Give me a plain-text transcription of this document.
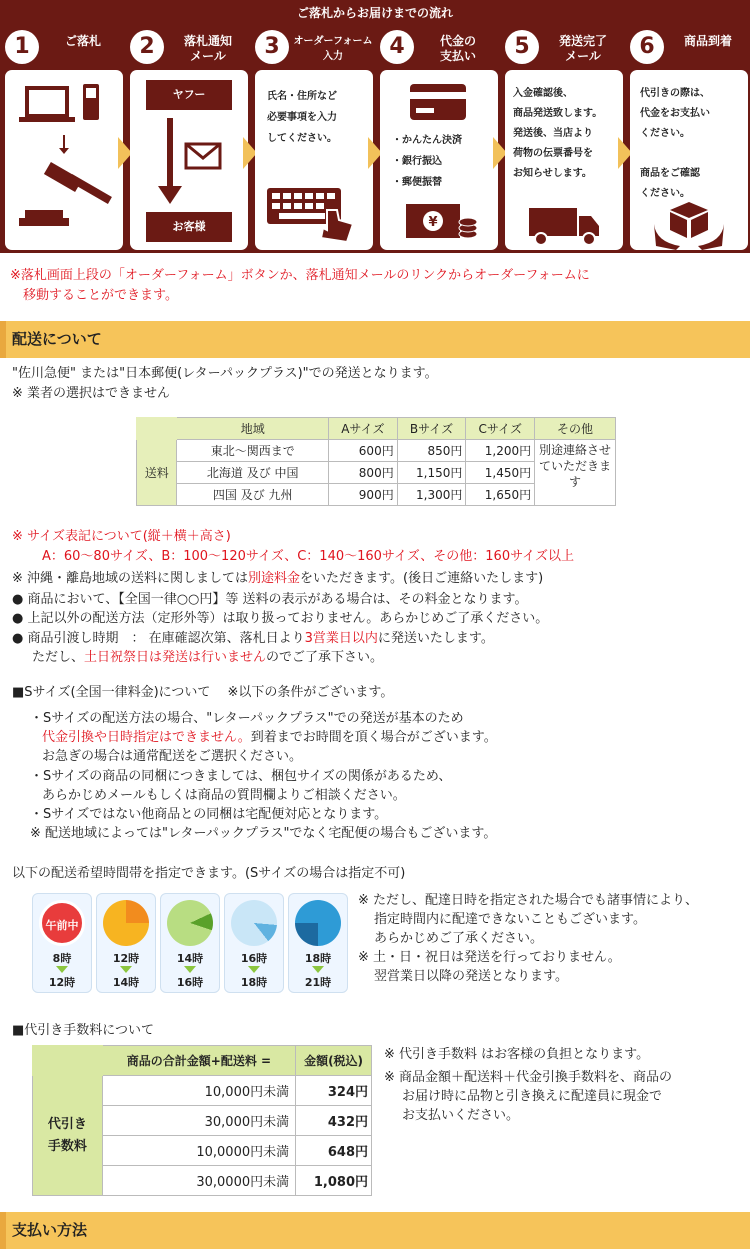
ご落札からお届けまでの流れ
1	ご落札	2	落札通知
メール
ヤフー
お客様
3	オーダーフォーム
入力
氏名・住所など
必要事項を入力
してください。
4	代金の
支払い
・かんたん決済
・銀行振込
・郵便振替
¥
5	発送完了
メール
入金確認後、
商品発送致します。
発送後、当店より
荷物の伝票番号を
お知らせします。
6	商品到着
代引きの際は、
代金をお支払い
ください。

商品をご確認
ください。
※落札画面上段の「オーダーフォーム」ボタンか、落札通知メールのリンクからオーダーフォームに
　移動することができます。
配送について
"佐川急便" または"日本郵便(レターパックプラス)"での発送となります。
※ 業者の選択はできません
	地域	Aサイズ	Bサイズ	Cサイズ	その他
送料	東北～関西まで	600円	850円	1,200円	別途連絡させていただきます
	北海道 及び 中国	800円	1,150円	1,450円	
	四国 及び 九州	900円	1,300円	1,650円	
※ サイズ表記について(縦＋横＋高さ)
A：60～80サイズ、B：100～120サイズ、C：140～160サイズ、その他：160サイズ以上
※ 沖縄・離島地域の送料に関しましては別途料金をいただきます。(後日ご連絡いたします)
● 商品において、【全国一律○○円】等 送料の表示がある場合は、その料金となります。
● 上記以外の配送方法（定形外等）は取り扱っておりません。あらかじめご了承ください。
● 商品引渡し時期　： 在庫確認次第、落札日より3営業日以内に発送いたします。
ただし、土日祝祭日は発送は行いませんのでご了承下さい。
■Sサイズ(全国一律料金)について　 ※以下の条件がございます。
・Sサイズの配送方法の場合、"レターパックプラス"での発送が基本のため
代金引換や日時指定はできません。到着までお時間を頂く場合がございます。
お急ぎの場合は通常配送をご選択ください。
・Sサイズの商品の同梱につきましては、梱包サイズの関係があるため、
あらかじめメールもしくは商品の質問欄よりご相談ください。
・Sサイズではない他商品との同梱は宅配便対応となります。
※ 配送地域によっては"レターパックプラス"でなく宅配便の場合もございます。
以下の配送希望時間帯を指定できます。(Sサイズの場合は指定不可)
午前中
8時
12時
12時
14時
14時
16時
16時
18時
18時
21時
※ ただし、配達日時を指定された場合でも諸事情により、
指定時間内に配達できないこともございます。
あらかじめご了承ください。
※ 土・日・祝日は発送を行っておりません。
翌営業日以降の発送となります。
■代引き手数料について
	商品の合計金額+配送料 =	金額(税込)
代引き
手数料	10,000円未満	324円
	30,000円未満	432円
	10,0000円未満	648円
	30,0000円未満	1,080円
※ 代引き手数料 はお客様の負担となります。
※ 商品金額＋配送料＋代金引換手数料を、商品の
お届け時に品物と引き換えに配達員に現金で
お支払いください。
支払い方法
